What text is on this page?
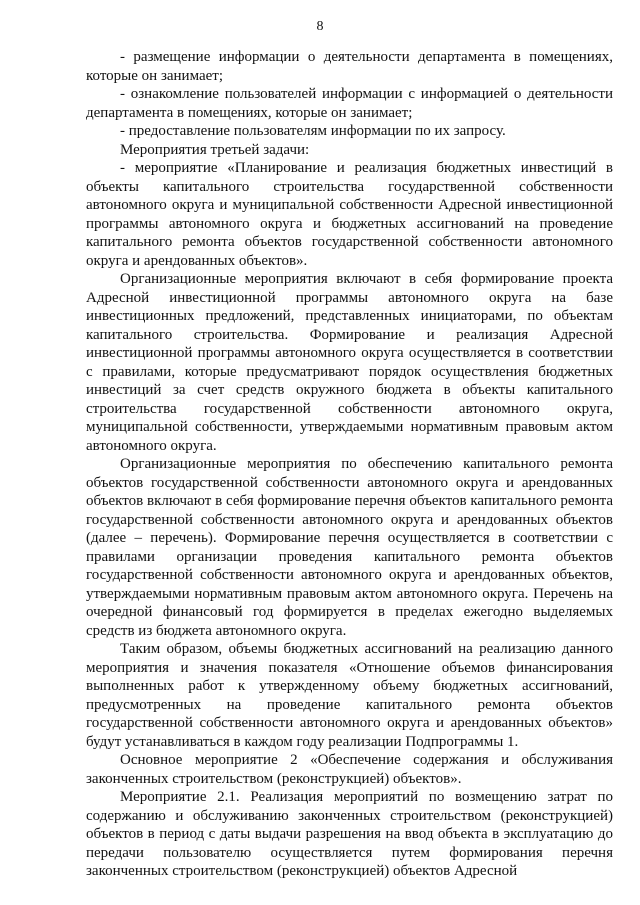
8

- размещение информации о деятельности департамента в помещениях, которые он занимает;

- ознакомление пользователей информации с информацией о деятельности департамента в помещениях, которые он занимает;

- предоставление пользователям информации по их запросу.

Мероприятия третьей задачи:

- мероприятие «Планирование и реализация бюджетных инвестиций в объекты капитального строительства государственной собственности автономного округа и муниципальной собственности Адресной инвестиционной программы автономного округа и бюджетных ассигнований на проведение капитального ремонта объектов государственной собственности автономного округа и арендованных объектов».

Организационные мероприятия включают в себя формирование проекта Адресной инвестиционной программы автономного округа на базе инвестиционных предложений, представленных инициаторами, по объектам капитального строительства. Формирование и реализация Адресной инвестиционной программы автономного округа осуществляется в соответствии с правилами, которые предусматривают порядок осуществления бюджетных инвестиций за счет средств окружного бюджета в объекты капитального строительства государственной собственности автономного округа, муниципальной собственности, утверждаемыми нормативным правовым актом автономного округа.

Организационные мероприятия по обеспечению капитального ремонта объектов государственной собственности автономного округа и арендованных объектов включают в себя формирование перечня объектов капитального ремонта государственной собственности автономного округа и арендованных объектов (далее – перечень). Формирование перечня осуществляется в соответствии с правилами организации проведения капитального ремонта объектов государственной собственности автономного округа и арендованных объектов, утверждаемыми нормативным правовым актом автономного округа. Перечень на очередной финансовый год формируется в пределах ежегодно выделяемых средств из бюджета автономного округа.

Таким образом, объемы бюджетных ассигнований на реализацию данного мероприятия и значения показателя «Отношение объемов финансирования выполненных работ к утвержденному объему бюджетных ассигнований, предусмотренных на проведение капитального ремонта объектов государственной собственности автономного округа и арендованных объектов» будут устанавливаться в каждом году реализации Подпрограммы 1.

Основное мероприятие 2 «Обеспечение содержания и обслуживания законченных строительством (реконструкцией) объектов».

Мероприятие 2.1. Реализация мероприятий по возмещению затрат по содержанию и обслуживанию законченных строительством (реконструкцией) объектов в период с даты выдачи разрешения на ввод объекта в эксплуатацию до передачи пользователю осуществляется путем формирования перечня законченных строительством (реконструкцией) объектов Адресной
